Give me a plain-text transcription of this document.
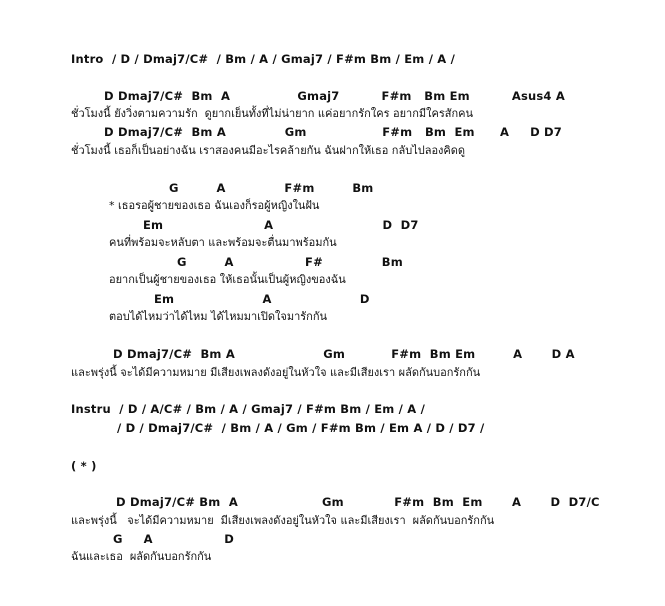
Intro  / D / Dmaj7/C#  / Bm / A / Gmaj7 / F#m Bm / Em / A /
D Dmaj7/C#  Bm  A                Gmaj7          F#m   Bm Em          Asus4 A
ชั่วโมงนี้ ยังวิ่งตามความรัก  ดูยากเย็นทั้งที่ไม่น่ายาก แค่อยากรักใคร อยากมีใครสักคน
D Dmaj7/C#  Bm A              Gm                  F#m   Bm  Em      A     D D7
ชั่วโมงนี้ เธอก็เป็นอย่างฉัน เราสองคนมีอะไรคล้ายกัน ฉันฝากให้เธอ กลับไปลองคิดดู
G         A              F#m         Bm
* เธอรอผู้ชายของเธอ ฉันเองก็รอผู้หญิงในฝัน
Em                        A                          D  D7
คนที่พร้อมจะหลับตา และพร้อมจะตื่นมาพร้อมกัน
G         A                 F#              Bm
อยากเป็นผู้ชายของเธอ ให้เธอนั้นเป็นผู้หญิงของฉัน
Em                     A                     D
ตอบได้ไหมว่าได้ไหม ได้ไหมมาเปิดใจมารักกัน
D Dmaj7/C#  Bm A                     Gm           F#m  Bm Em         A       D A
และพรุ่งนี้ จะได้มีความหมาย มีเสียงเพลงดังอยู่ในหัวใจ และมีเสียงเรา ผลัดกันบอกรักกัน
Instru  / D / A/C# / Bm / A / Gmaj7 / F#m Bm / Em / A /
/ D / Dmaj7/C#  / Bm / A / Gm / F#m Bm / Em A / D / D7 /
( * )
D Dmaj7/C# Bm  A                    Gm            F#m  Bm  Em       A       D  D7/C
และพรุ่งนี้   จะได้มีความหมาย  มีเสียงเพลงดังอยู่ในหัวใจ และมีเสียงเรา  ผลัดกันบอกรักกัน
G     A                 D
ฉันและเธอ  ผลัดกันบอกรักกัน
